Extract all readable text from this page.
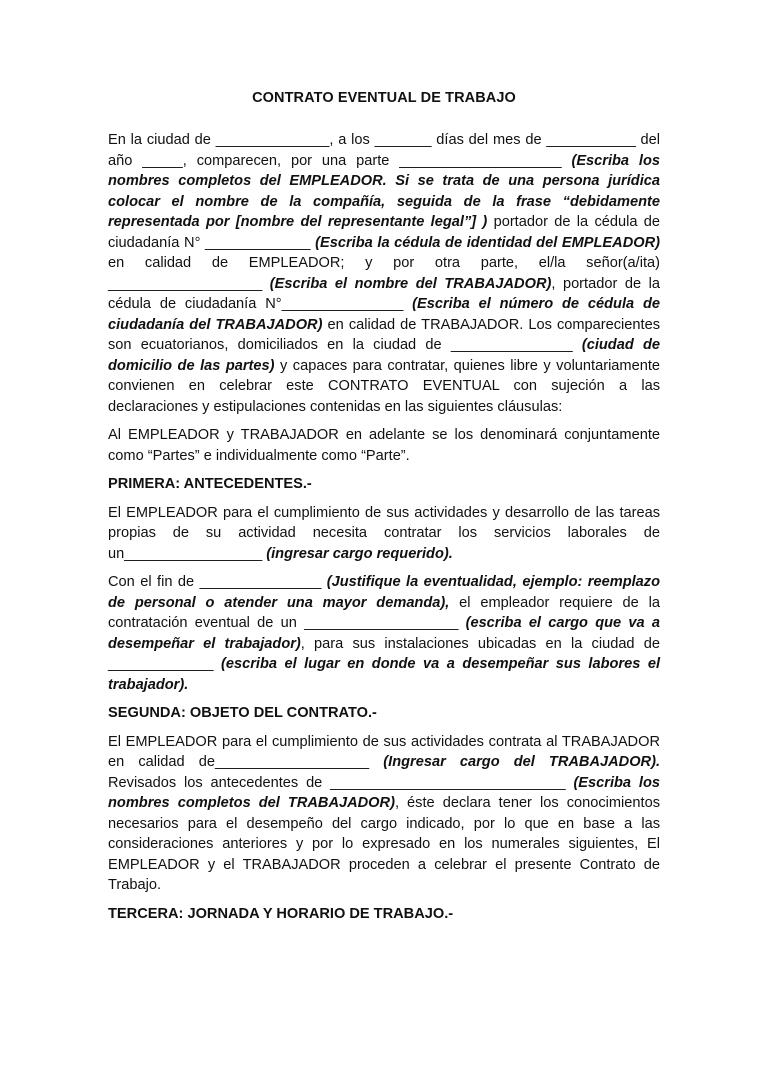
CONTRATO EVENTUAL DE TRABAJO

En la ciudad de ______________, a los _______ días del mes de ___________ del año _____, comparecen, por una parte ____________________ (Escriba los nombres completos del EMPLEADOR. Si se trata de una persona jurídica colocar el nombre de la compañía, seguida de la frase “debidamente representada por [nombre del representante legal”] ) portador de la cédula de ciudadanía N° _____________ (Escriba la cédula de identidad del EMPLEADOR) en calidad de EMPLEADOR; y por otra parte, el/la señor(a/ita) ___________________ (Escriba el nombre del TRABAJADOR), portador de la cédula de ciudadanía N°_______________ (Escriba el número de cédula de ciudadanía del TRABAJADOR) en calidad de TRABAJADOR. Los comparecientes son ecuatorianos, domiciliados en la ciudad de _______________ (ciudad de domicilio de las partes) y capaces para contratar, quienes libre y voluntariamente convienen en celebrar este CONTRATO EVENTUAL con sujeción a las declaraciones y estipulaciones contenidas en las siguientes cláusulas:

Al EMPLEADOR y TRABAJADOR en adelante se los denominará conjuntamente como “Partes” e individualmente como “Parte”.

PRIMERA: ANTECEDENTES.-

El EMPLEADOR para el cumplimiento de sus actividades y desarrollo de las tareas propias de su actividad necesita contratar los servicios laborales de un_________________ (ingresar cargo requerido).

Con el fin de _______________ (Justifique la eventualidad, ejemplo: reemplazo de personal o atender una mayor demanda), el empleador requiere de la contratación eventual de un ___________________ (escriba el cargo que va a desempeñar el trabajador), para sus instalaciones ubicadas en la ciudad de _____________ (escriba el lugar en donde va a desempeñar sus labores el trabajador).

SEGUNDA: OBJETO DEL CONTRATO.-

El EMPLEADOR para el cumplimiento de sus actividades contrata al TRABAJADOR en calidad de___________________ (Ingresar cargo del TRABAJADOR). Revisados los antecedentes de _____________________________ (Escriba los nombres completos del TRABAJADOR), éste declara tener los conocimientos necesarios para el desempeño del cargo indicado, por lo que en base a las consideraciones anteriores y por lo expresado en los numerales siguientes, El EMPLEADOR y el TRABAJADOR proceden a celebrar el presente Contrato de Trabajo.

TERCERA: JORNADA Y HORARIO DE TRABAJO.-
